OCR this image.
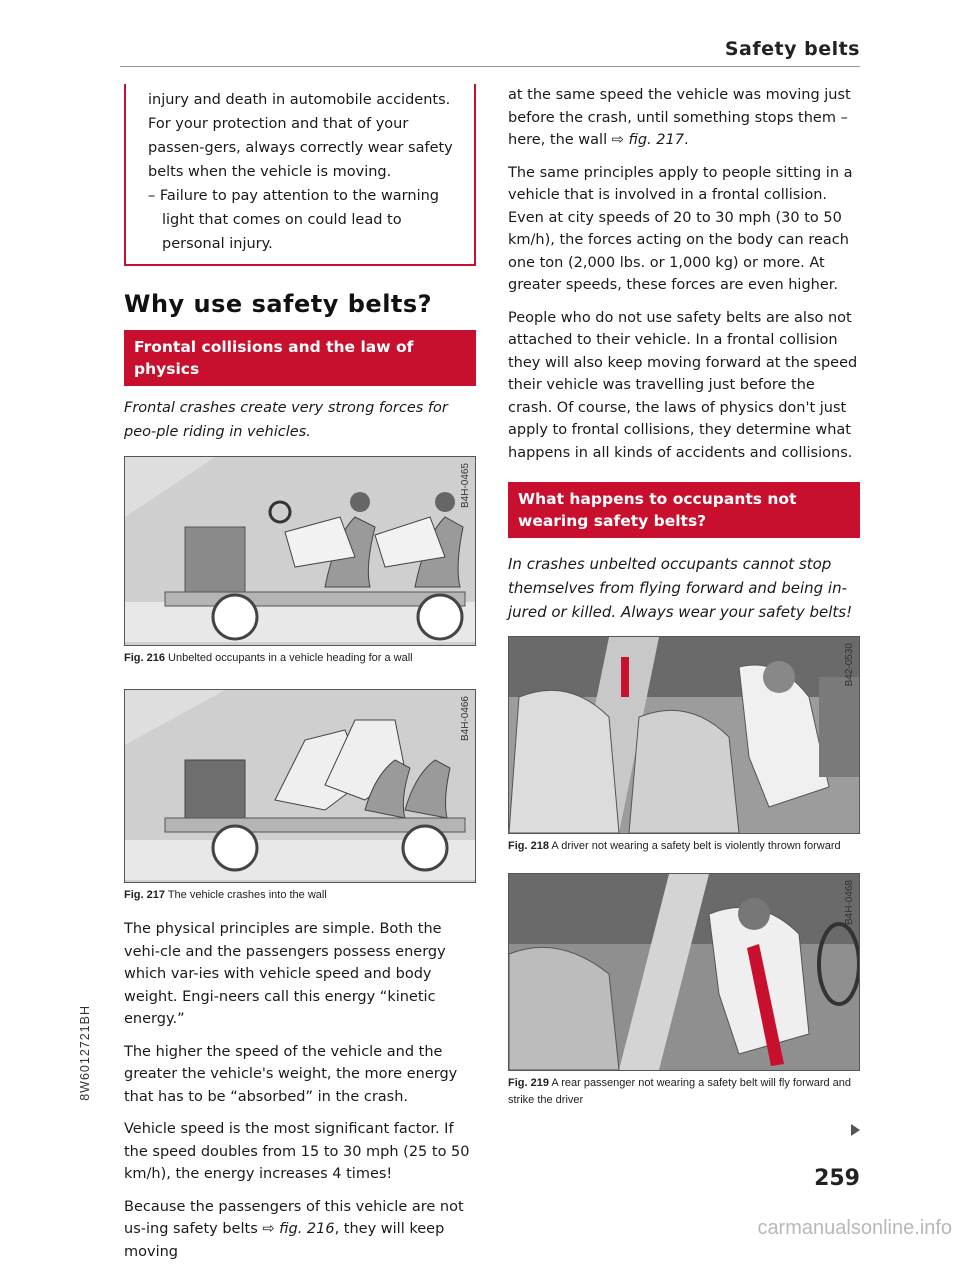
Safety belts

injury and death in automobile accidents. For your protection and that of your passen-gers, always correctly wear safety belts when the vehicle is moving.

– Failure to pay attention to the warning light that comes on could lead to personal injury.

Why use safety belts?
Frontal collisions and the law of physics

Frontal crashes create very strong forces for peo-ple riding in vehicles.

B4H-0465
Fig. 216 Unbelted occupants in a vehicle heading for a wall
B4H-0466
Fig. 217 The vehicle crashes into the wall

The physical principles are simple. Both the vehi-cle and the passengers possess energy which var-ies with vehicle speed and body weight. Engi-neers call this energy “kinetic energy.”

The higher the speed of the vehicle and the greater the vehicle's weight, the more energy that has to be “absorbed” in the crash.

Vehicle speed is the most significant factor. If the speed doubles from 15 to 30 mph (25 to 50 km/h), the energy increases 4 times!

Because the passengers of this vehicle are not us-ing safety belts ⇨ fig. 216, they will keep moving

at the same speed the vehicle was moving just before the crash, until something stops them – here, the wall ⇨ fig. 217.

The same principles apply to people sitting in a vehicle that is involved in a frontal collision. Even at city speeds of 20 to 30 mph (30 to 50 km/h), the forces acting on the body can reach one ton (2,000 lbs. or 1,000 kg) or more. At greater speeds, these forces are even higher.

People who do not use safety belts are also not attached to their vehicle. In a frontal collision they will also keep moving forward at the speed their vehicle was travelling just before the crash. Of course, the laws of physics don't just apply to frontal collisions, they determine what happens in all kinds of accidents and collisions.

What happens to occupants not wearing safety belts?

In crashes unbelted occupants cannot stop themselves from flying forward and being in-jured or killed. Always wear your safety belts!

B42-0530
Fig. 218 A driver not wearing a safety belt is violently thrown forward
B4H-0468
Fig. 219 A rear passenger not wearing a safety belt will fly forward and strike the driver
8W6012721BH
259
carmanualsonline.info
